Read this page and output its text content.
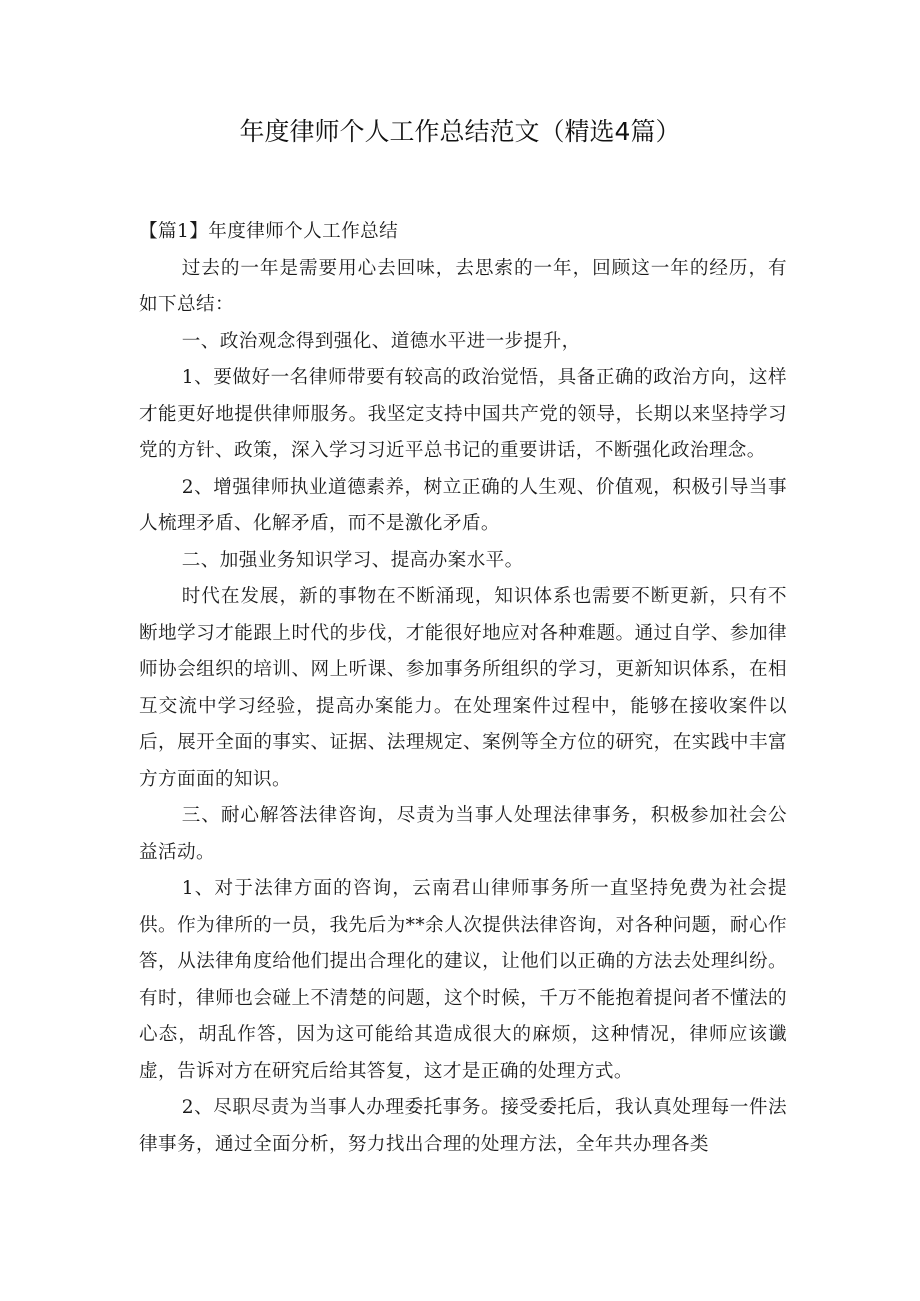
年度律师个人工作总结范文（精选4篇）

【篇1】年度律师个人工作总结

过去的一年是需要用心去回味，去思索的一年，回顾这一年的经历，有如下总结：

一、政治观念得到强化、道德水平进一步提升，

1、要做好一名律师带要有较高的政治觉悟，具备正确的政治方向，这样才能更好地提供律师服务。我坚定支持中国共产党的领导，长期以来坚持学习党的方针、政策，深入学习习近平总书记的重要讲话，不断强化政治理念。

2、增强律师执业道德素养，树立正确的人生观、价值观，积极引导当事人梳理矛盾、化解矛盾，而不是激化矛盾。

二、加强业务知识学习、提高办案水平。

时代在发展，新的事物在不断涌现，知识体系也需要不断更新，只有不断地学习才能跟上时代的步伐，才能很好地应对各种难题。通过自学、参加律师协会组织的培训、网上听课、参加事务所组织的学习，更新知识体系，在相互交流中学习经验，提高办案能力。在处理案件过程中，能够在接收案件以后，展开全面的事实、证据、法理规定、案例等全方位的研究，在实践中丰富方方面面的知识。

三、耐心解答法律咨询，尽责为当事人处理法律事务，积极参加社会公益活动。

1、对于法律方面的咨询，云南君山律师事务所一直坚持免费为社会提供。作为律所的一员，我先后为**余人次提供法律咨询，对各种问题，耐心作答，从法律角度给他们提出合理化的建议，让他们以正确的方法去处理纠纷。有时，律师也会碰上不清楚的问题，这个时候，千万不能抱着提问者不懂法的心态，胡乱作答，因为这可能给其造成很大的麻烦，这种情况，律师应该谶虚，告诉对方在研究后给其答复，这才是正确的处理方式。

2、尽职尽责为当事人办理委托事务。接受委托后，我认真处理每一件法律事务，通过全面分析，努力找出合理的处理方法，全年共办理各类
